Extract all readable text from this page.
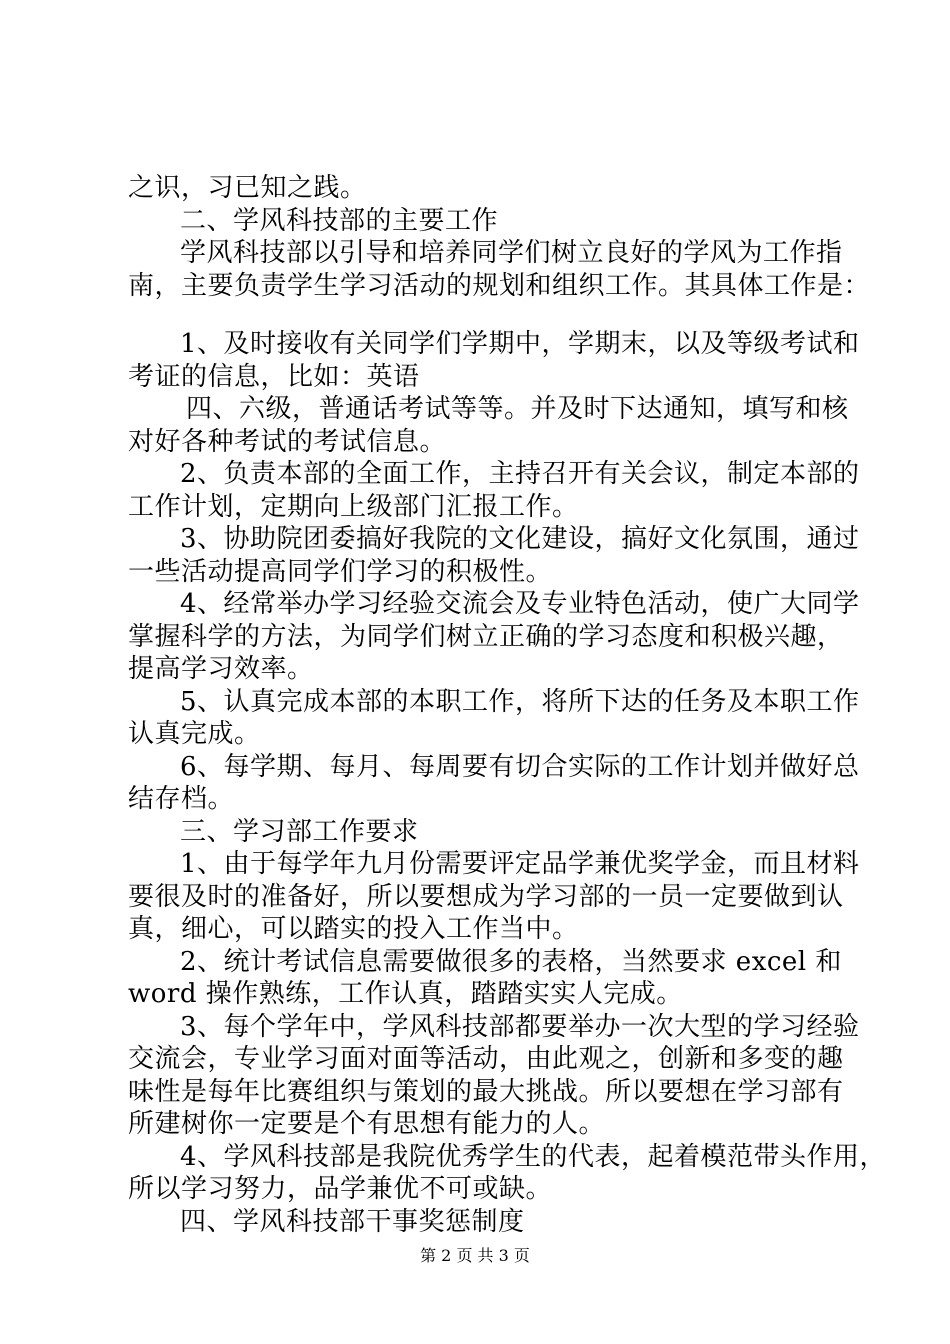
之识，习已知之践。
二、学风科技部的主要工作
学风科技部以引导和培养同学们树立良好的学风为工作指
南，主要负责学生学习活动的规划和组织工作。其具体工作是：
1、及时接收有关同学们学期中，学期末，以及等级考试和
考证的信息，比如：英语
四、六级，普通话考试等等。并及时下达通知，填写和核
对好各种考试的考试信息。
2、负责本部的全面工作，主持召开有关会议，制定本部的
工作计划，定期向上级部门汇报工作。
3、协助院团委搞好我院的文化建设，搞好文化氛围，通过
一些活动提高同学们学习的积极性。
4、经常举办学习经验交流会及专业特色活动，使广大同学
掌握科学的方法，为同学们树立正确的学习态度和积极兴趣，
提高学习效率。
5、认真完成本部的本职工作，将所下达的任务及本职工作
认真完成。
6、每学期、每月、每周要有切合实际的工作计划并做好总
结存档。
三、学习部工作要求
1、由于每学年九月份需要评定品学兼优奖学金，而且材料
要很及时的准备好，所以要想成为学习部的一员一定要做到认
真，细心，可以踏实的投入工作当中。
2、统计考试信息需要做很多的表格，当然要求 excel 和
word 操作熟练，工作认真，踏踏实实人完成。
3、每个学年中，学风科技部都要举办一次大型的学习经验
交流会，专业学习面对面等活动，由此观之，创新和多变的趣
味性是每年比赛组织与策划的最大挑战。所以要想在学习部有
所建树你一定要是个有思想有能力的人。
4、学风科技部是我院优秀学生的代表，起着模范带头作用，
所以学习努力，品学兼优不可或缺。
四、学风科技部干事奖惩制度
第 2 页 共 3 页
